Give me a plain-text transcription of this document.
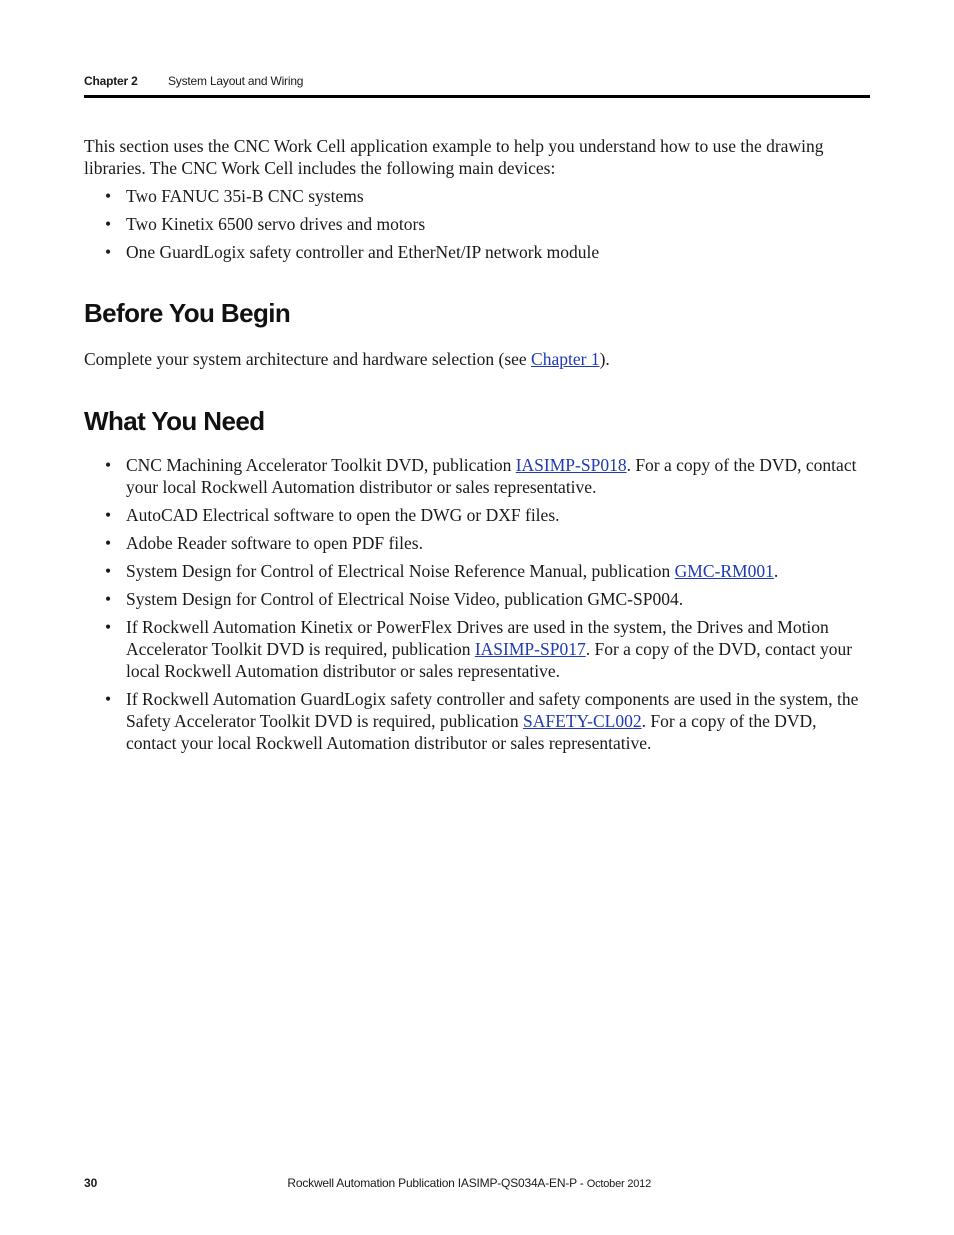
Chapter 2	System Layout and Wiring

This section uses the CNC Work Cell application example to help you understand how to use the drawing libraries. The CNC Work Cell includes the following main devices:

• Two FANUC 35i-B CNC systems
• Two Kinetix 6500 servo drives and motors
• One GuardLogix safety controller and EtherNet/IP network module
Before You Begin

Complete your system architecture and hardware selection (see Chapter 1).

What You Need
• CNC Machining Accelerator Toolkit DVD, publication IASIMP-SP018. For a copy of the DVD, contact your local Rockwell Automation distributor or sales representative.
• AutoCAD Electrical software to open the DWG or DXF files.
• Adobe Reader software to open PDF files.
• System Design for Control of Electrical Noise Reference Manual, publication GMC-RM001.
• System Design for Control of Electrical Noise Video, publication GMC-SP004.
• If Rockwell Automation Kinetix or PowerFlex Drives are used in the system, the Drives and Motion Accelerator Toolkit DVD is required, publication IASIMP-SP017. For a copy of the DVD, contact your local Rockwell Automation distributor or sales representative.
• If Rockwell Automation GuardLogix safety controller and safety components are used in the system, the Safety Accelerator Toolkit DVD is required, publication SAFETY-CL002. For a copy of the DVD, contact your local Rockwell Automation distributor or sales representative.
30	Rockwell Automation Publication IASIMP-QS034A-EN-P - October 2012
